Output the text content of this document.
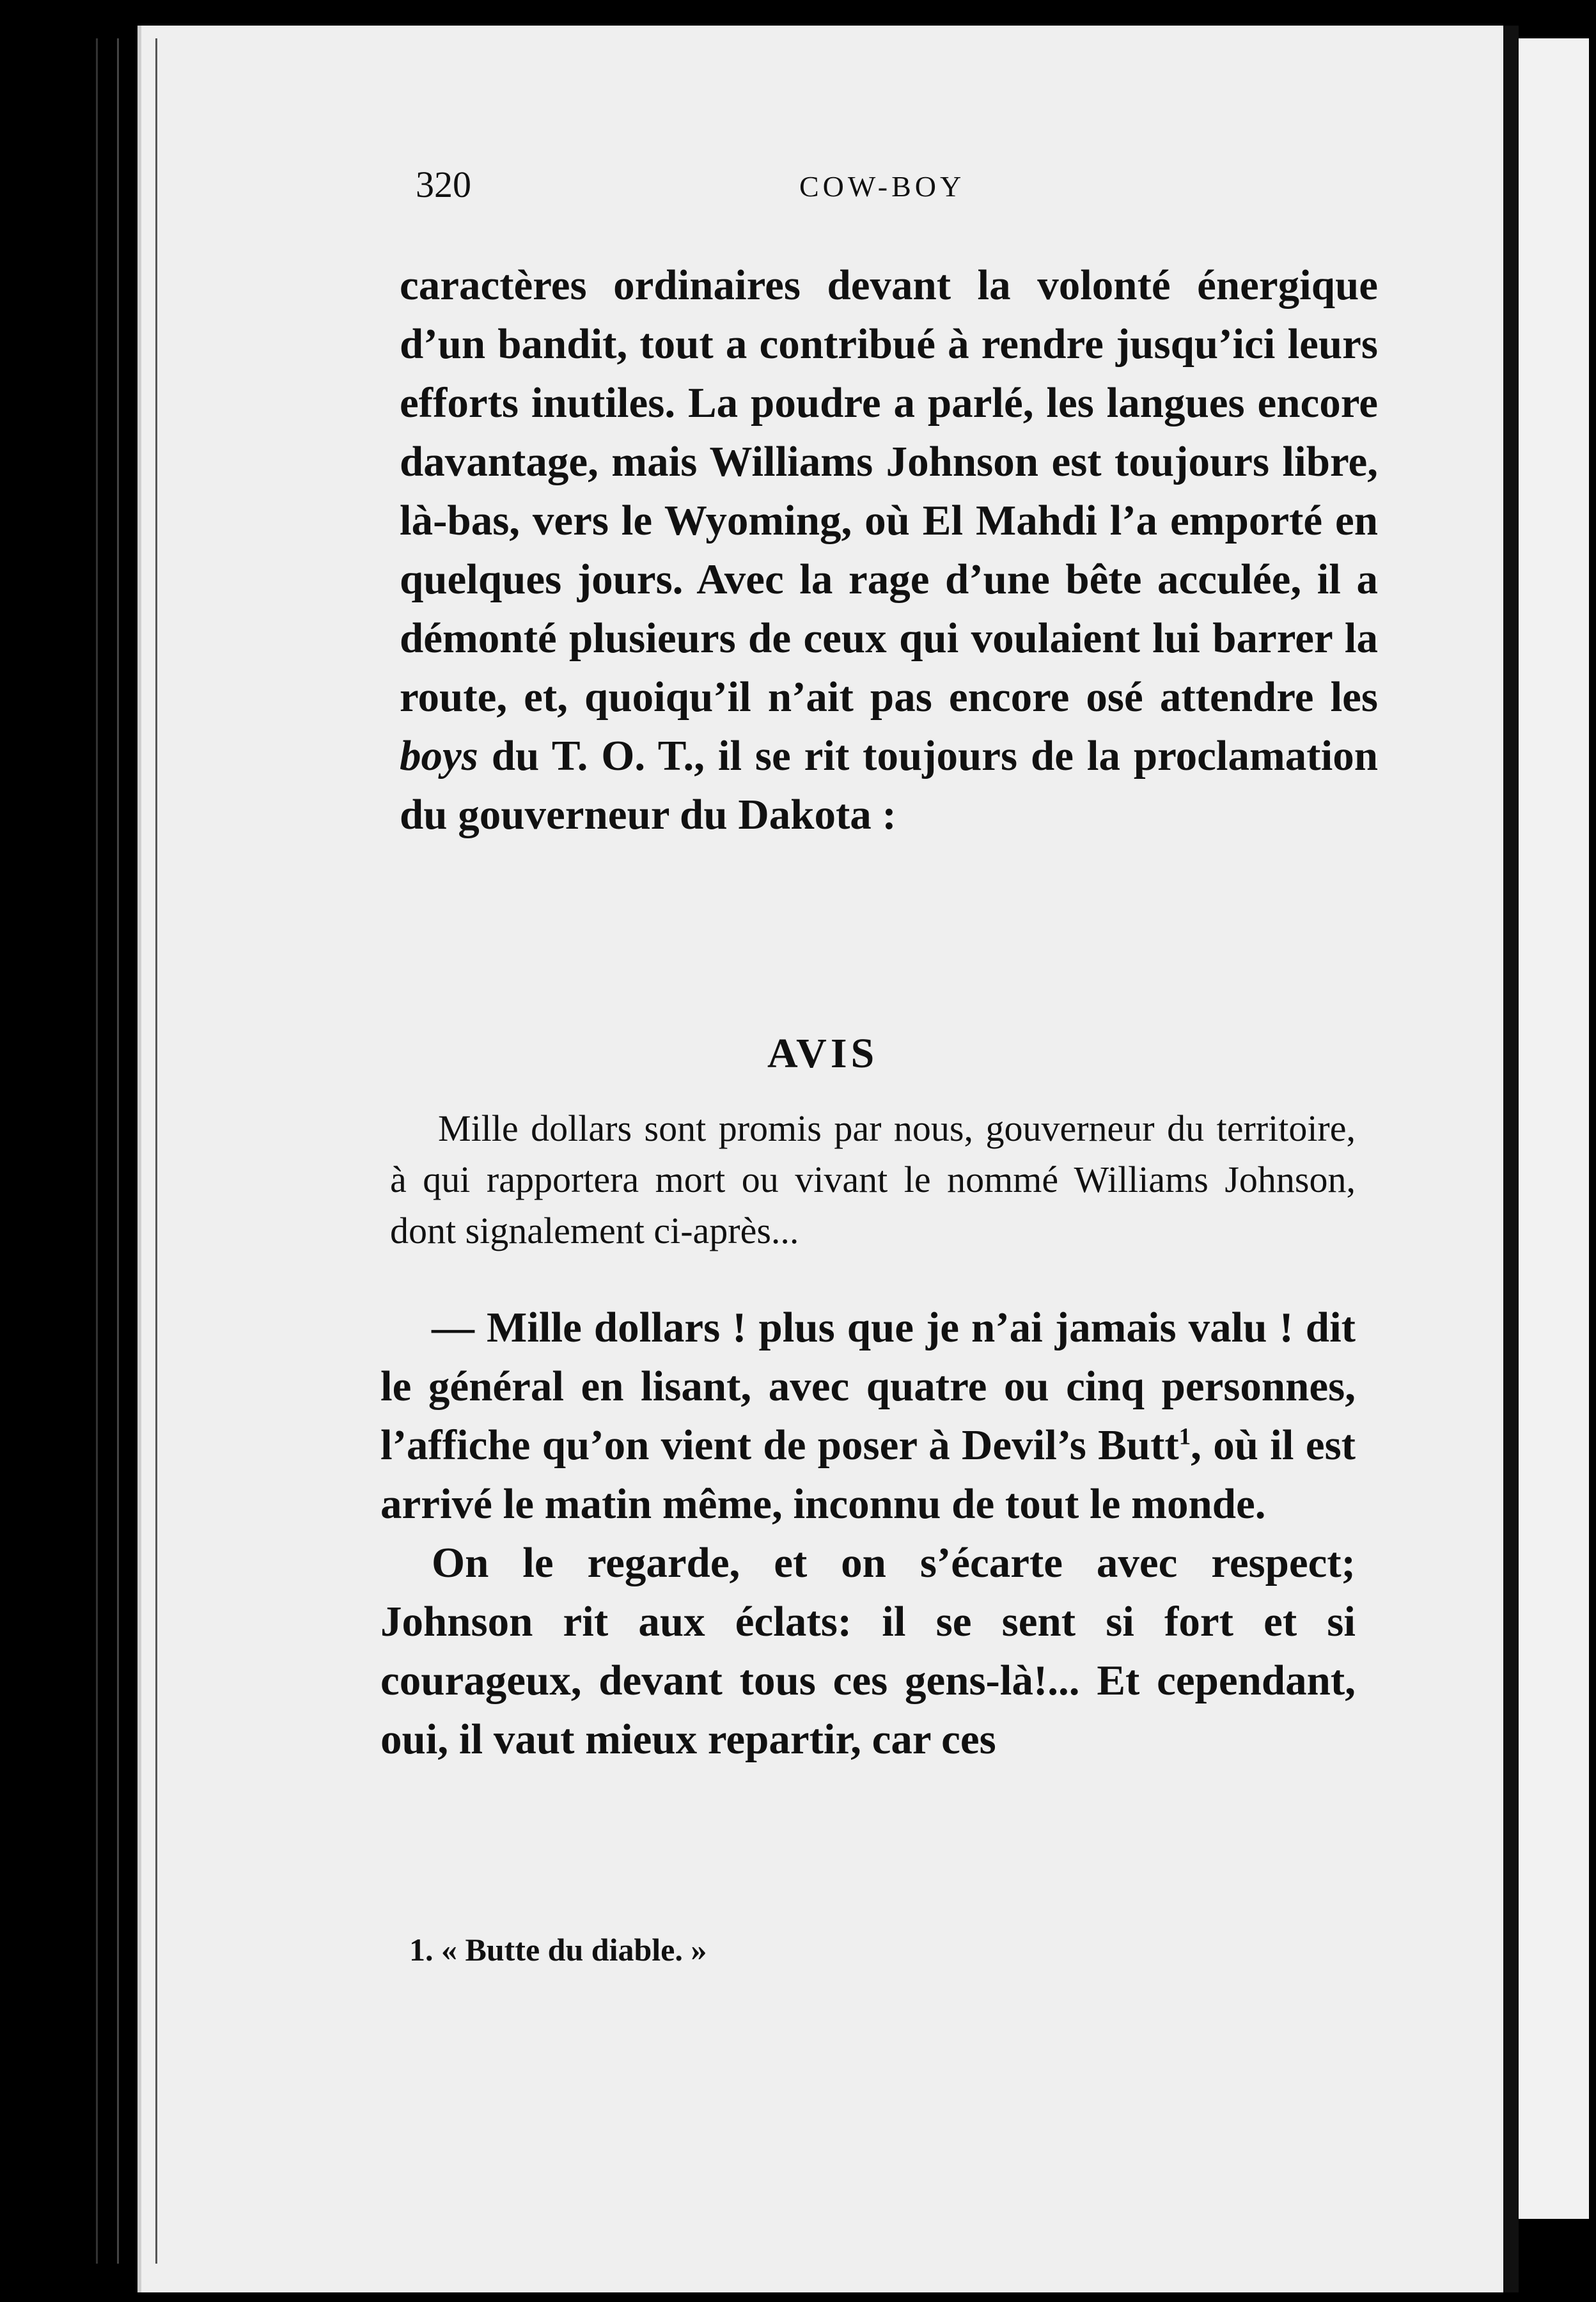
320	COW-BOY

caractères ordinaires devant la volonté énergique d’un bandit, tout a contribué à rendre jusqu’ici leurs efforts inutiles. La poudre a parlé, les langues encore davantage, mais Williams Johnson est toujours libre, là-bas, vers le Wyoming, où El Mahdi l’a emporté en quelques jours. Avec la rage d’une bête acculée, il a démonté plusieurs de ceux qui voulaient lui barrer la route, et, quoiqu’il n’ait pas encore osé attendre les boys du T. O. T., il se rit toujours de la proclamation du gouverneur du Dakota :

AVIS

Mille dollars sont promis par nous, gouverneur du territoire, à qui rapportera mort ou vivant le nommé Williams Johnson, dont signalement ci-après...

— Mille dollars ! plus que je n’ai jamais valu ! dit le général en lisant, avec quatre ou cinq personnes, l’affiche qu’on vient de poser à Devil’s Butt$^1$, où il est arrivé le matin même, inconnu de tout le monde.

On le regarde, et on s’écarte avec respect; Johnson rit aux éclats: il se sent si fort et si courageux, devant tous ces gens-là!... Et cependant, oui, il vaut mieux repartir, car ces

1. « Butte du diable. »
